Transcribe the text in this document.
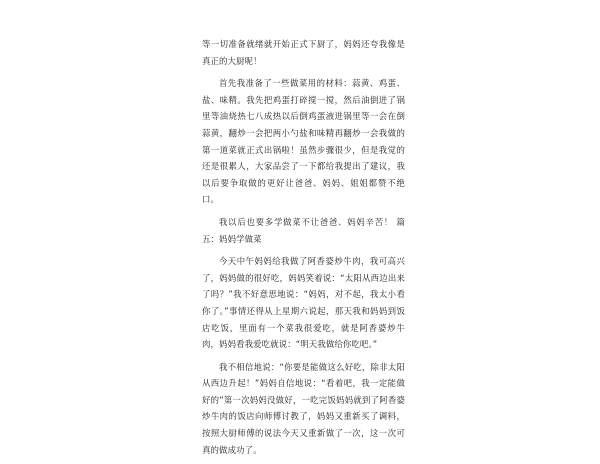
等一切准备就绪就开始正式下厨了，妈妈还夸我像是真正的大厨呢！

首先我准备了一些做菜用的材料：蒜黄、鸡蛋、盐、味精。我先把鸡蛋打碎搅一搅，然后油倒进了锅里等油烧热七八成热以后倒鸡蛋液进锅里等一会在倒蒜黄，翻炒一会把两小勺盐和味精再翻炒一会我做的第一道菜就正式出锅啦！虽然步骤很少，但是我觉的还是很累人，大家品尝了一下都给我提出了建议，我以后要争取做的更好让爸爸、妈妈、姐姐都赞不绝口。

我以后也要多学做菜不让爸爸、妈妈辛苦！ 篇五：妈妈学做菜

今天中午妈妈给我做了阿香婆炒牛肉，我可高兴了，妈妈做的很好吃，妈妈笑着说：“太阳从西边出来了吗？”我不好意思地说：“妈妈，对不起，我太小看你了。”事情还得从上星期六说起，那天我和妈妈到饭店吃饭，里面有一个菜我很爱吃，就是阿香婆炒牛肉，妈妈看我爱吃就说：“明天我做给你吃吧。”

我不相信地说：“你要是能做这么好吃，除非太阳从西边升起！”妈妈自信地说：“看着吧，我一定能做好的”第一次妈妈没做好，一吃完饭妈妈就到了阿香婆炒牛肉的饭店向师傅讨教了，妈妈又重新买了调料，按照大厨师傅的说法今天又重新做了一次，这一次可真的做成功了。
